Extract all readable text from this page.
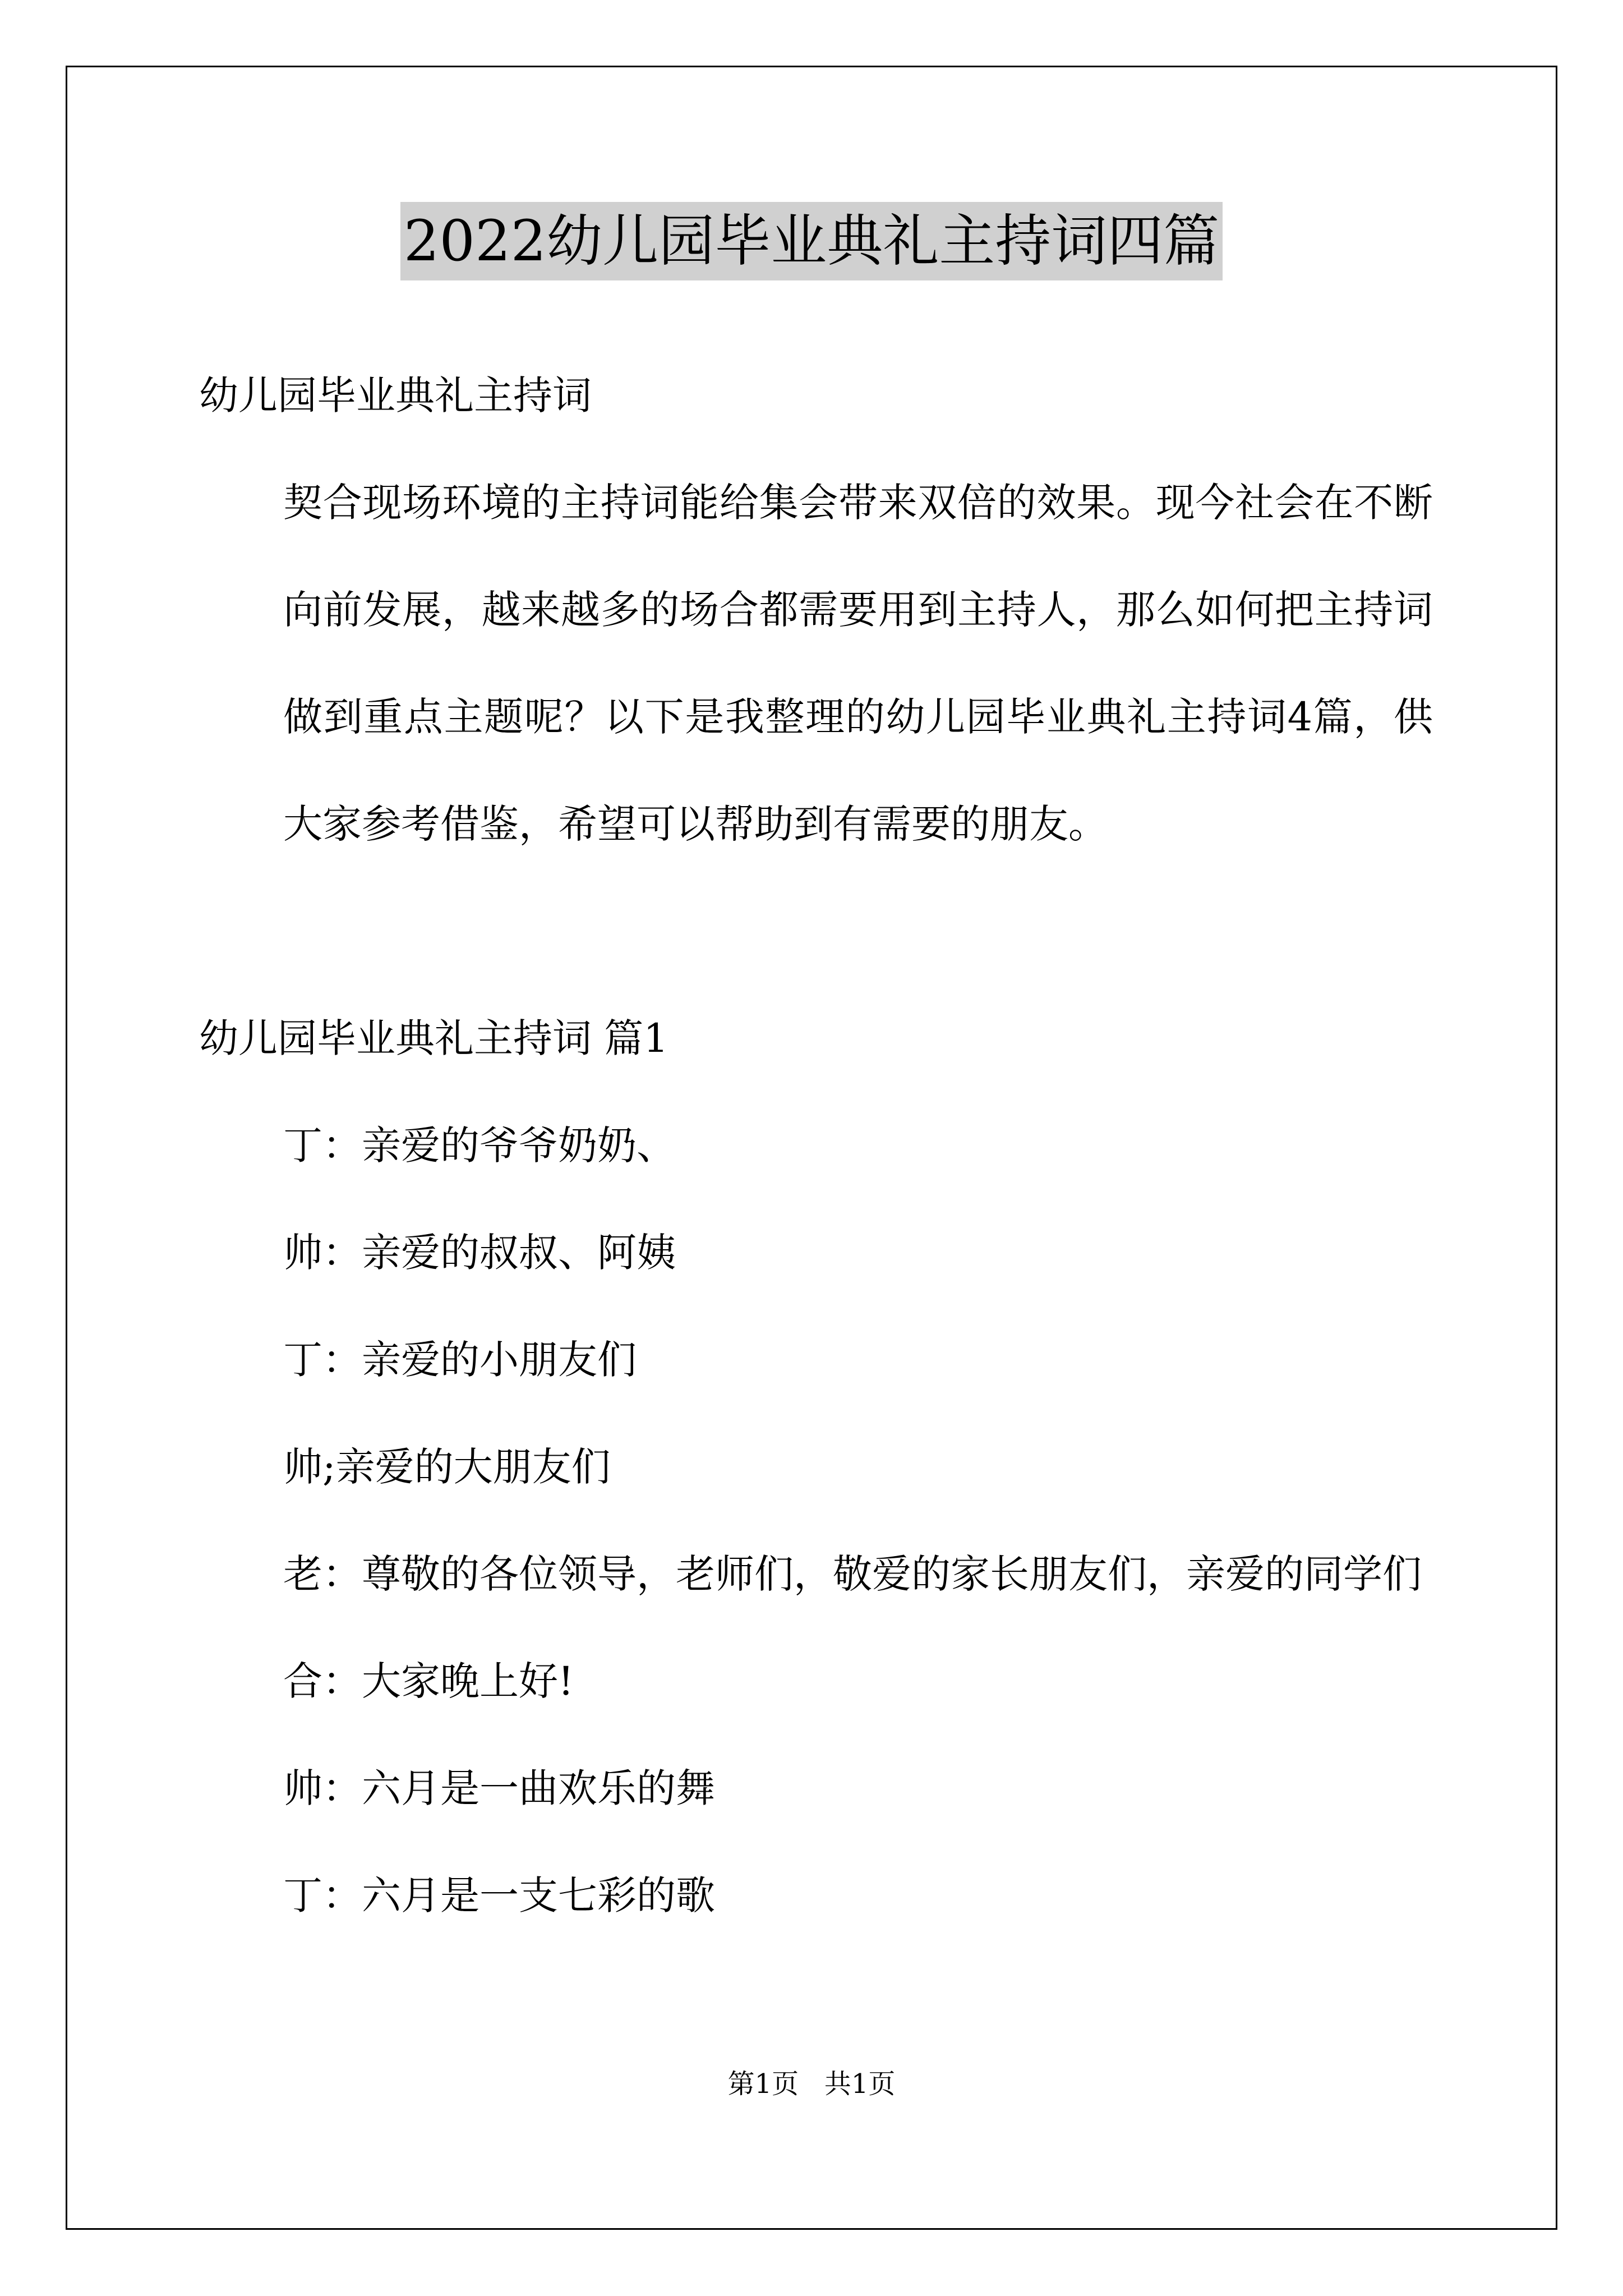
2022幼儿园毕业典礼主持词四篇

幼儿园毕业典礼主持词

契合现场环境的主持词能给集会带来双倍的效果。现今社会在不断向前发展，越来越多的场合都需要用到主持人，那么如何把主持词做到重点主题呢？以下是我整理的幼儿园毕业典礼主持词4篇，供大家参考借鉴，希望可以帮助到有需要的朋友。

幼儿园毕业典礼主持词 篇1

丁：亲爱的爷爷奶奶、

帅：亲爱的叔叔、阿姨

丁：亲爱的小朋友们

帅;亲爱的大朋友们

老：尊敬的各位领导，老师们，敬爱的家长朋友们，亲爱的同学们

合：大家晚上好!

帅：六月是一曲欢乐的舞

丁：六月是一支七彩的歌

第1页   共1页
